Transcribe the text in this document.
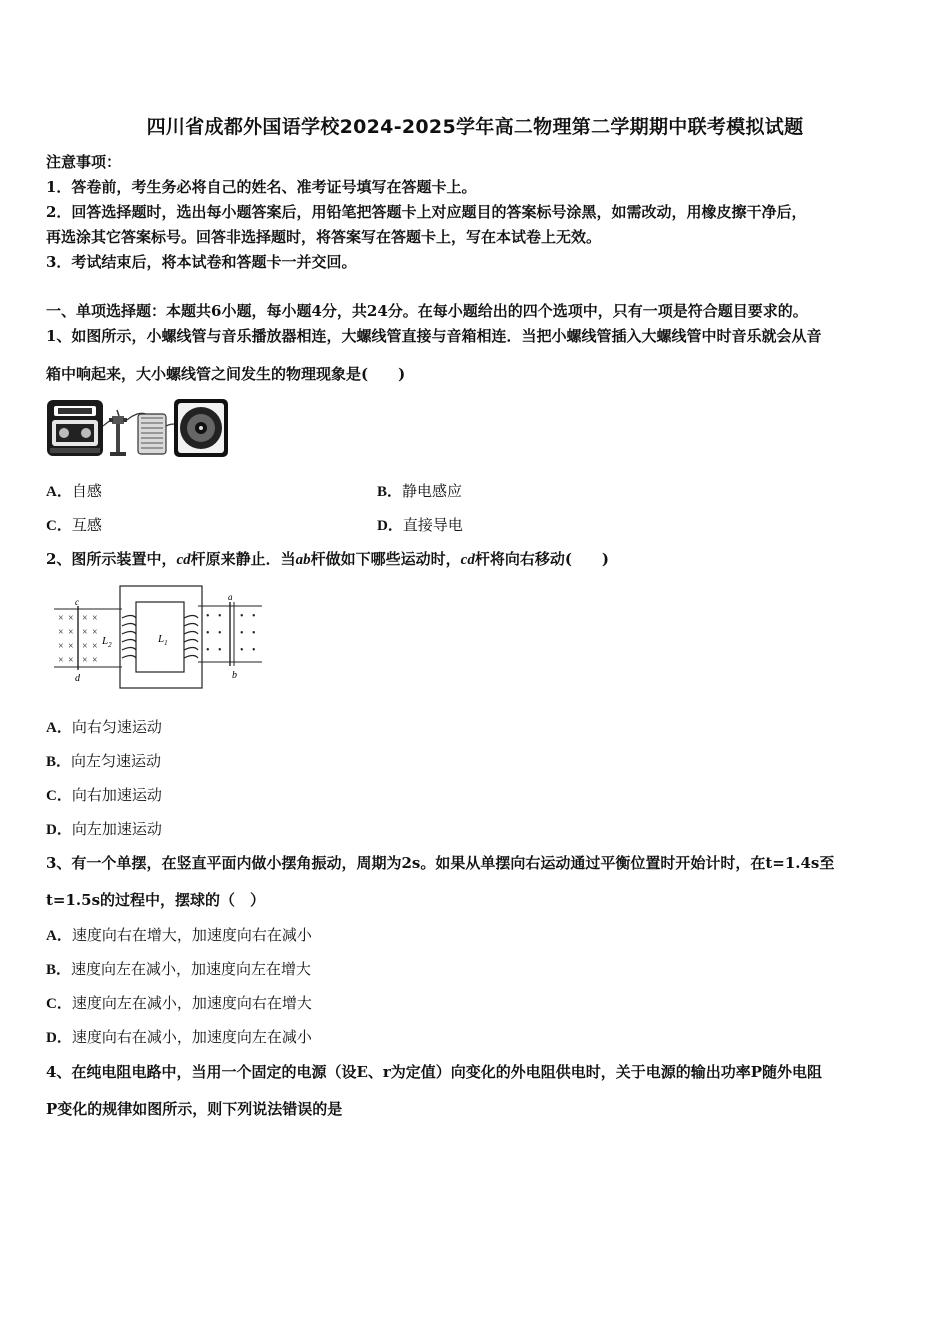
四川省成都外国语学校2024-2025学年高二物理第二学期期中联考模拟试题
注意事项：
1．答卷前，考生务必将自己的姓名、准考证号填写在答题卡上。
2．回答选择题时，选出每小题答案后，用铅笔把答题卡上对应题目的答案标号涂黑，如需改动，用橡皮擦干净后，
再选涂其它答案标号。回答非选择题时，将答案写在答题卡上，写在本试卷上无效。
3．考试结束后，将本试卷和答题卡一并交回。
一、单项选择题：本题共6小题，每小题4分，共24分。在每小题给出的四个选项中，只有一项是符合题目要求的。
1、如图所示，小螺线管与音乐播放器相连，大螺线管直接与音箱相连．当把小螺线管插入大螺线管中时音乐就会从音
箱中响起来，大小螺线管之间发生的物理现象是(　　)
A．自感	B．静电感应
C．互感	D．直接导电
2、图所示装置中，cd杆原来静止．当ab杆做如下哪些运动时，cd杆将向右移动(　　)
c
d
× × × ×
× × × ×
× × × ×
× × × ×
$L_2$	$L_1$
a
b
• • • •
• • • •
• • • •
A．向右匀速运动
B．向左匀速运动
C．向右加速运动
D．向左加速运动
3、有一个单摆，在竖直平面内做小摆角振动，周期为2s。如果从单摆向右运动通过平衡位置时开始计时，在t=1.4s至
t=1.5s的过程中，摆球的（　）
A．速度向右在增大，加速度向右在减小
B．速度向左在减小，加速度向左在增大
C．速度向左在减小，加速度向右在增大
D．速度向右在减小，加速度向左在减小
4、在纯电阻电路中，当用一个固定的电源（设E、r为定值）向变化的外电阻供电时，关于电源的输出功率P随外电阻
P变化的规律如图所示，则下列说法错误的是
